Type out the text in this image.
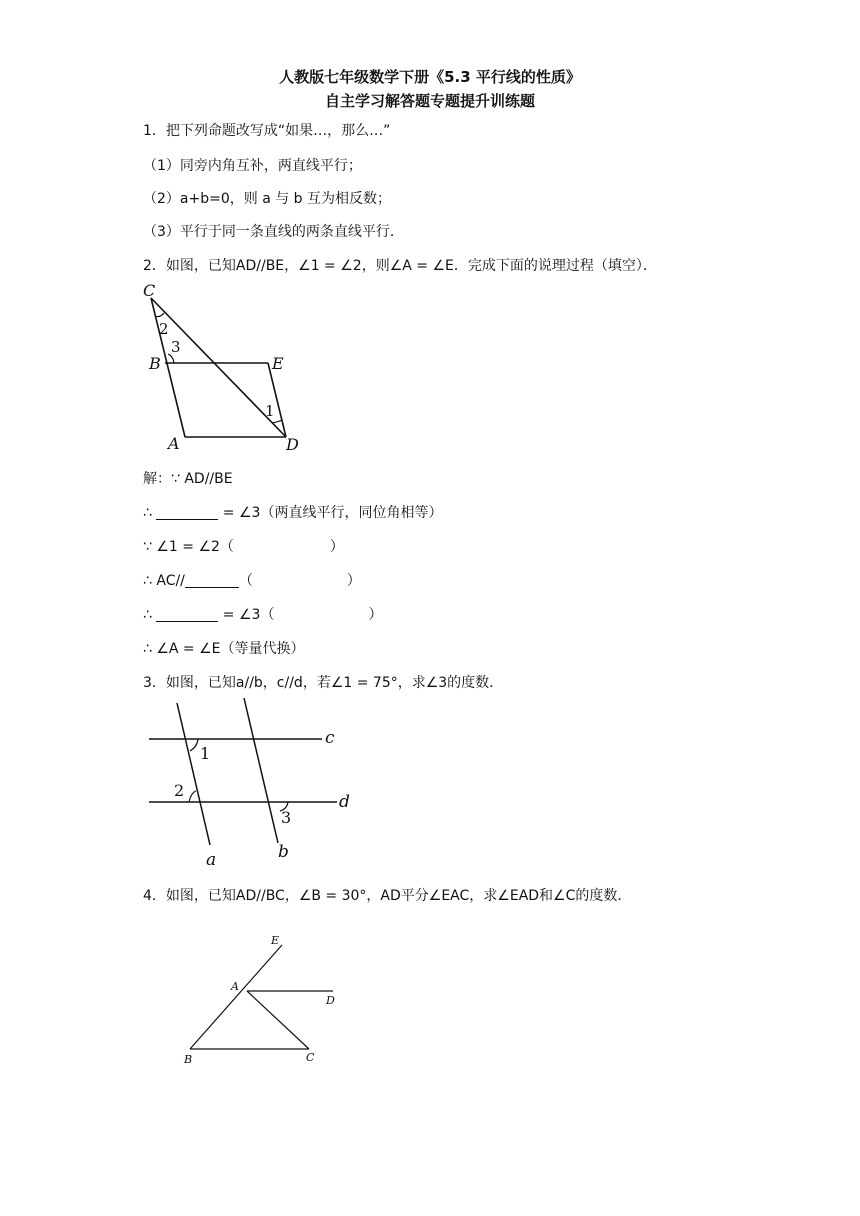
人教版七年级数学下册《5.3 平行线的性质》

自主学习解答题专题提升训练题

1．把下列命题改写成“如果…，那么…”

（1）同旁内角互补，两直线平行；

（2）a+b=0，则 a 与 b 互为相反数；

（3）平行于同一条直线的两条直线平行．

2．如图，已知AD//BE，∠1 = ∠2，则∠A = ∠E．完成下面的说理过程（填空）．

C
B	E
A	D
2
3
1

解：∵ AD//BE

∴	= ∠3（两直线平行，同位角相等）

∵ ∠1 = ∠2（	）

∴ AC//	（	）

∴	= ∠3（	）

∴ ∠A = ∠E（等量代换）

3．如图，已知a//b，c//d，若∠1 = 75°，求∠3的度数．

c
d
a	b
1
2
3

4．如图，已知AD//BC，∠B = 30°，AD平分∠EAC，求∠EAD和∠C的度数．

E
A
D
B	C
